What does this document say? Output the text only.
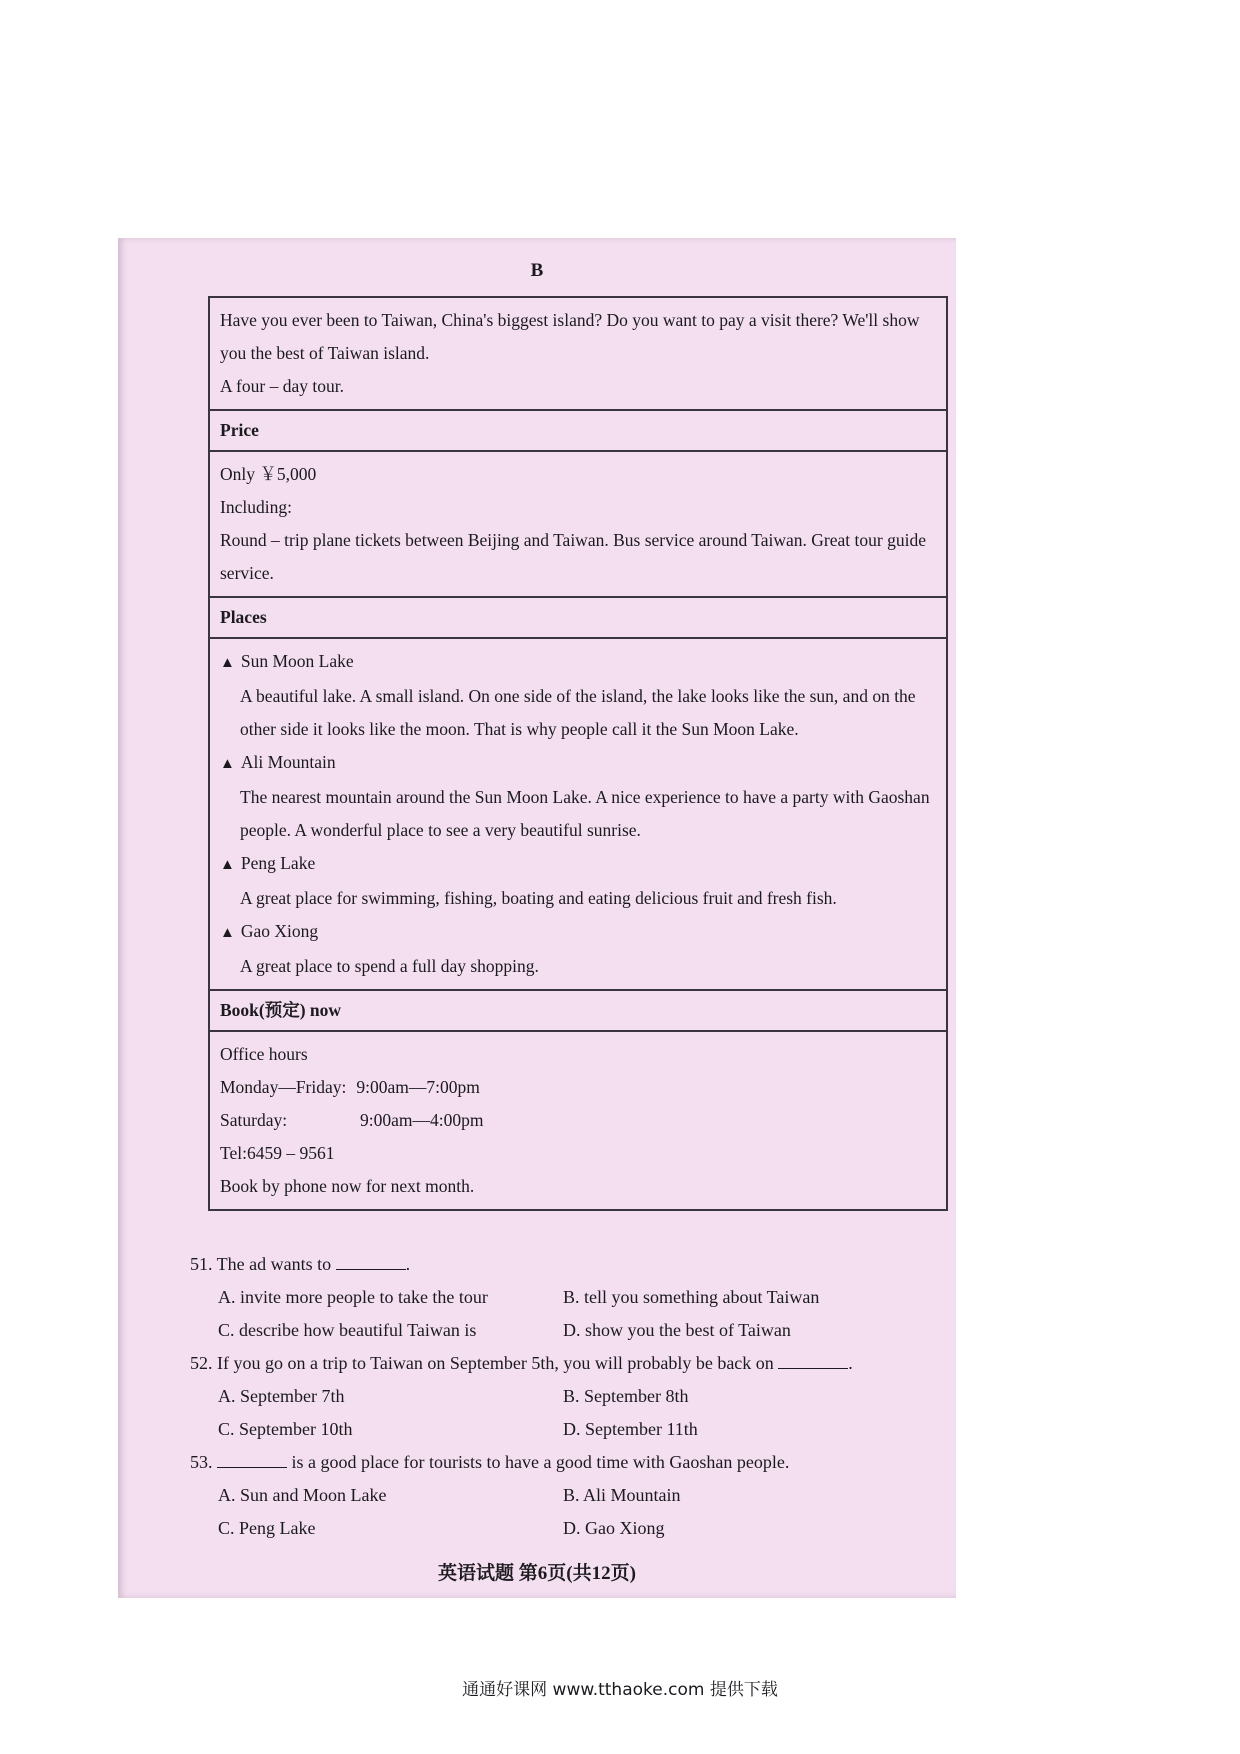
B
Have you ever been to Taiwan, China's biggest island? Do you want to pay a visit there? We'll show you the best of Taiwan island.
A four – day tour.
Price
Only ￥5,000
Including:
Round – trip plane tickets between Beijing and Taiwan. Bus service around Taiwan. Great tour guide service.
Places

▲ Sun Moon Lake

A beautiful lake. A small island. On one side of the island, the lake looks like the sun, and on the other side it looks like the moon. That is why people call it the Sun Moon Lake.

▲ Ali Mountain

The nearest mountain around the Sun Moon Lake. A nice experience to have a party with Gaoshan people. A wonderful place to see a very beautiful sunrise.

▲ Peng Lake

A great place for swimming, fishing, boating and eating delicious fruit and fresh fish.

▲ Gao Xiong

A great place to spend a full day shopping.

Book(预定) now
Office hours
Monday—Friday: 9:00am—7:00pm
Saturday:	9:00am—4:00pm
Tel:6459 – 9561
Book by phone now for next month.

51. The ad wants to	.

A. invite more people to take the tour	B. tell you something about Taiwan
C. describe how beautiful Taiwan is	D. show you the best of Taiwan

52. If you go on a trip to Taiwan on September 5th, you will probably be back on	.

A. September 7th	B. September 8th
C. September 10th	D. September 11th

53.	is a good place for tourists to have a good time with Gaoshan people.

A. Sun and Moon Lake	B. Ali Mountain
C. Peng Lake	D. Gao Xiong
英语试题 第6页(共12页)
通通好课网 www.tthaoke.com 提供下载
